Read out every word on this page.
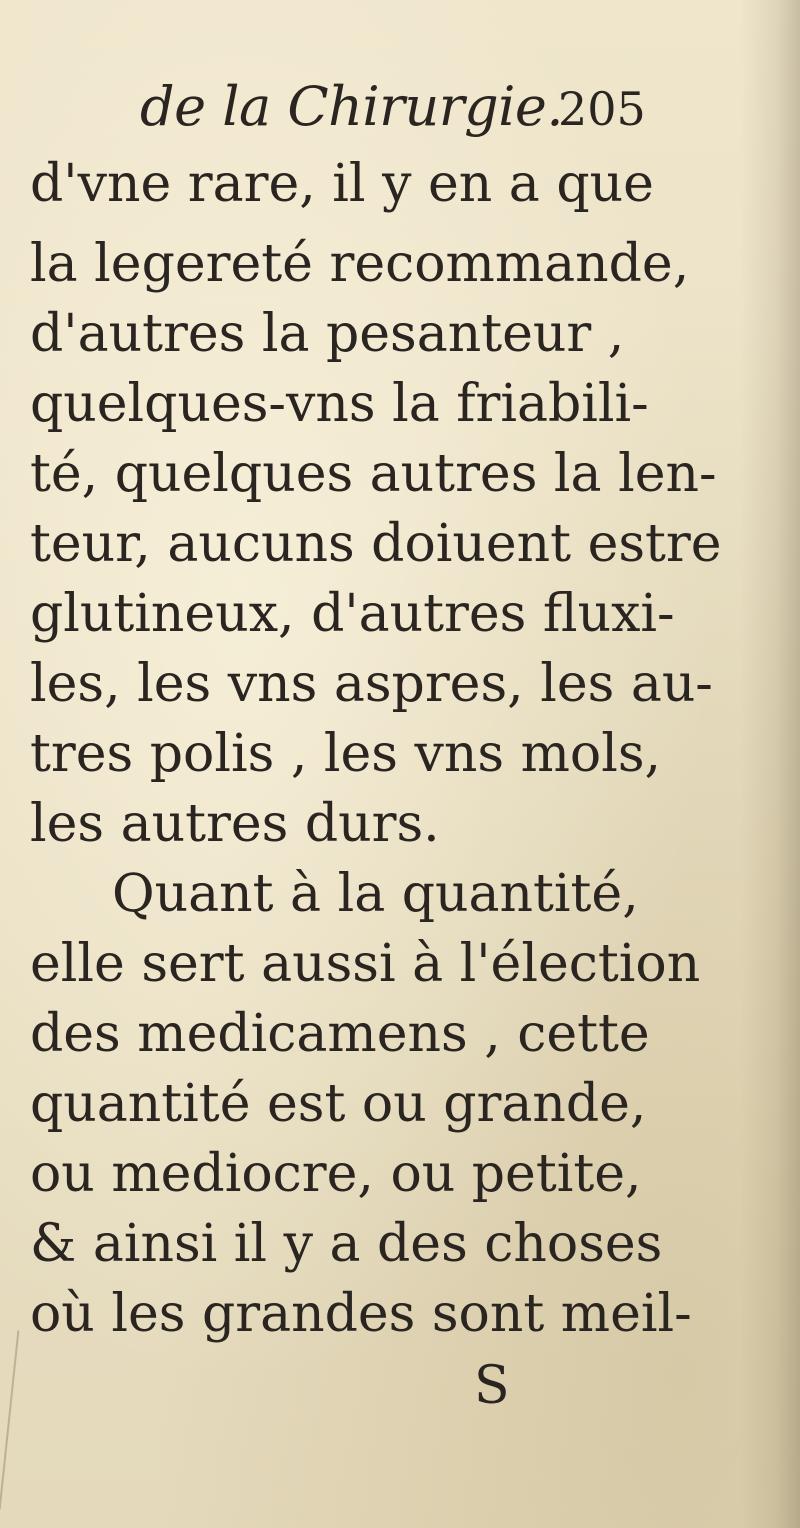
de la Chirurgie.
205
d'vne rare, il y en a que
la legereté recommande,
d'autres la pesanteur ,
quelques-vns la friabili-
té, quelques autres la len-
teur, aucuns doiuent estre
glutineux, d'autres fluxi-
les, les vns aspres, les au-
tres polis , les vns mols,
les autres durs.
Quant à la quantité,
elle sert aussi à l'élection
des medicamens , cette
quantité est ou grande,
ou mediocre, ou petite,
& ainsi il y a des choses
où les grandes sont meil-
S
